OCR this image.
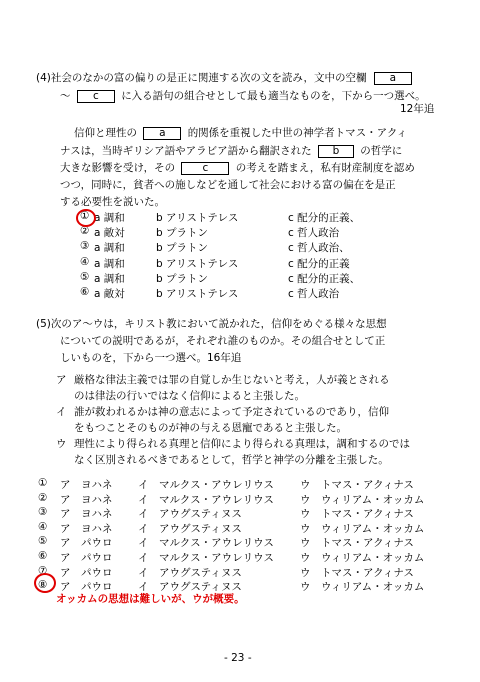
(4)社会のなかの富の偏りの是正に関連する次の文を読み，文中の空欄 a
〜 c に入る語句の組合せとして最も適当なものを，下から一つ選べ。
12年追
信仰と理性の a 的関係を重視した中世の神学者トマス・アクィ
ナスは，当時ギリシア語やアラビア語から翻訳された b の哲学に
大きな影響を受け，その	c	の考えを踏まえ，私有財産制度を認め
つつ，同時に，貧者への施しなどを通して社会における富の偏在を是正
する必要性を説いた。
① a 調和	b アリストテレス	c 配分的正義、
② a 敵対	b プラトン	c 哲人政治
③ a 調和	b プラトン	c 哲人政治、
④ a 調和	b アリストテレス	c 配分的正義
⑤ a 調和	b プラトン	c 配分的正義、
⑥ a 敵対	b アリストテレス	c 哲人政治
(5)次のア〜ウは，キリスト教において説かれた，信仰をめぐる様々な思想
についての説明であるが，それぞれ誰のものか。その組合せとして正
しいものを，下から一つ選べ。16年追
ア 厳格な律法主義では罪の自覚しか生じないと考え，人が義とされる
のは律法の行いではなく信仰によると主張した。
イ 誰が救われるかは神の意志によって予定されているのであり，信仰
をもつことそのものが神の与える恩寵であると主張した。
ウ 理性により得られる真理と信仰により得られる真理は，調和するのでは
なく区別されるべきであるとして，哲学と神学の分離を主張した。
① ア　ヨハネ イ　マルクス・アウレリウス ウ　トマス・アクィナス
② ア　ヨハネ イ　マルクス・アウレリウス ウ　ウィリアム・オッカム
③ ア　ヨハネ イ　アウグスティヌス	ウ　トマス・アクィナス
④ ア　ヨハネ イ　アウグスティヌス	ウ　ウィリアム・オッカム
⑤ ア　パウロ イ　マルクス・アウレリウス ウ　トマス・アクィナス
⑥ ア　パウロ イ　マルクス・アウレリウス ウ　ウィリアム・オッカム
⑦ ア　パウロ イ　アウグスティヌス	ウ　トマス・アクィナス
⑧ ア　パウロ イ　アウグスティヌス	ウ　ウィリアム・オッカム
オッカムの思想は難しいが、ウが概要。
- 23 -
